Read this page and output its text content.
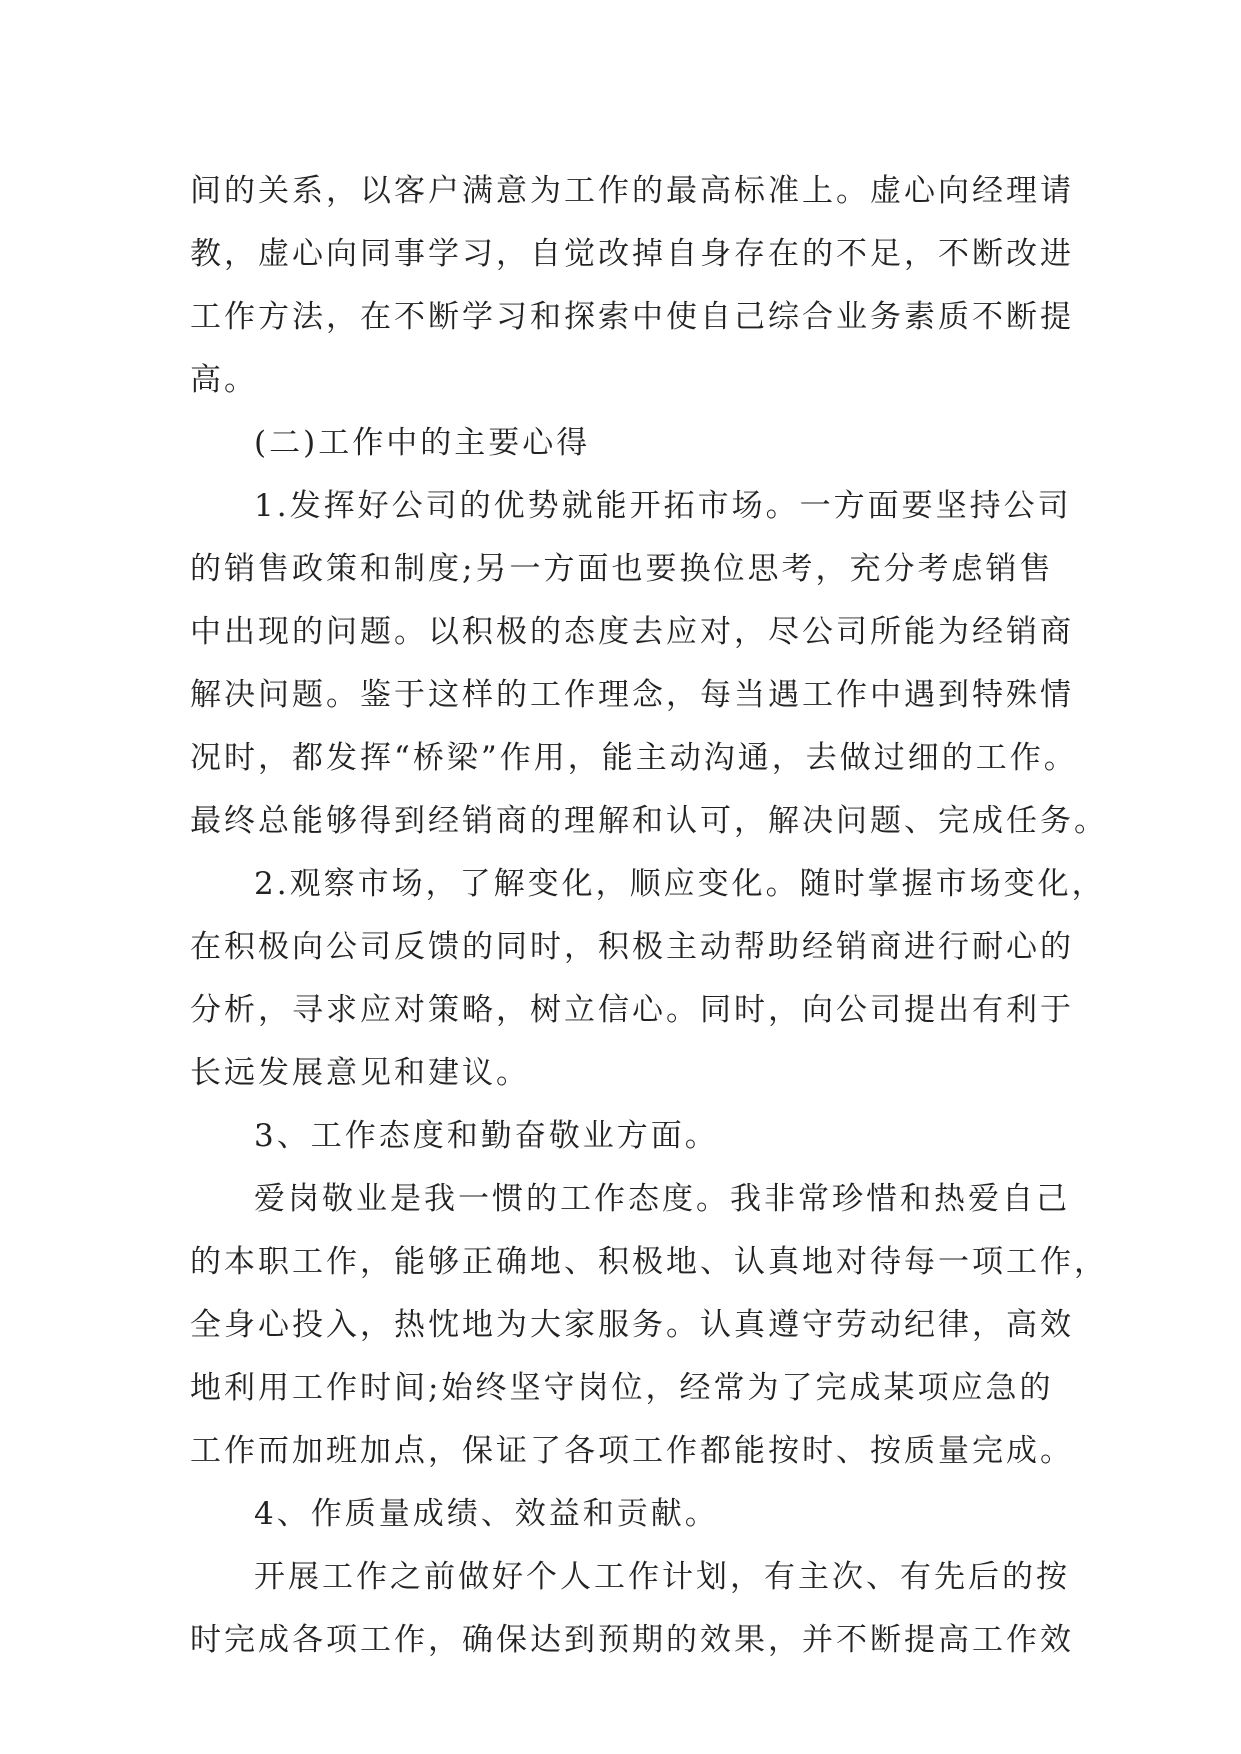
间的关系，以客户满意为工作的最高标准上。虚心向经理请
教，虚心向同事学习，自觉改掉自身存在的不足，不断改进
工作方法，在不断学习和探索中使自己综合业务素质不断提
高。
(二)工作中的主要心得
1.发挥好公司的优势就能开拓市场。一方面要坚持公司
的销售政策和制度;另一方面也要换位思考，充分考虑销售
中出现的问题。以积极的态度去应对，尽公司所能为经销商
解决问题。鉴于这样的工作理念，每当遇工作中遇到特殊情
况时，都发挥“桥梁”作用，能主动沟通，去做过细的工作。
最终总能够得到经销商的理解和认可，解决问题、完成任务。
2.观察市场，了解变化，顺应变化。随时掌握市场变化，
在积极向公司反馈的同时，积极主动帮助经销商进行耐心的
分析，寻求应对策略，树立信心。同时，向公司提出有利于
长远发展意见和建议。
3、工作态度和勤奋敬业方面。
爱岗敬业是我一惯的工作态度。我非常珍惜和热爱自己
的本职工作，能够正确地、积极地、认真地对待每一项工作，
全身心投入，热忱地为大家服务。认真遵守劳动纪律，高效
地利用工作时间;始终坚守岗位，经常为了完成某项应急的
工作而加班加点，保证了各项工作都能按时、按质量完成。
4、作质量成绩、效益和贡献。
开展工作之前做好个人工作计划，有主次、有先后的按
时完成各项工作，确保达到预期的效果，并不断提高工作效
